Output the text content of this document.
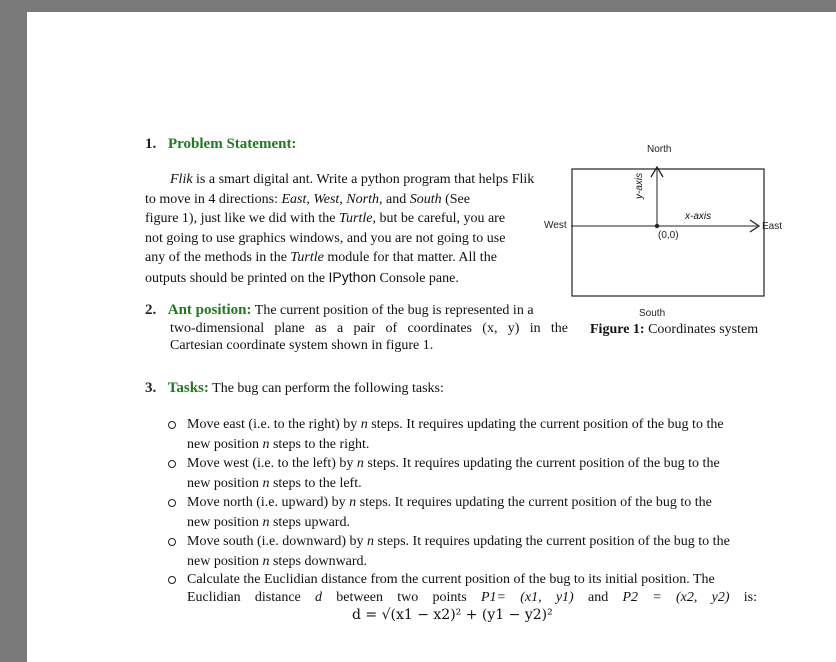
1. Problem Statement:
Flik is a smart digital ant. Write a python program that helps Flik
to move in 4 directions: East, West, North, and South (See
figure 1), just like we did with the Turtle, but be careful, you are
not going to use graphics windows, and you are not going to use
any of the methods in the Turtle module for that matter. All the
outputs should be printed on the IPython Console pane.
North
West	East
South
x-axis
y-axis
(0,0)
Figure 1: Coordinates system
2. Ant position: The current position of the bug is represented in a
two-dimensional plane as a pair of coordinates (x, y) in the
Cartesian coordinate system shown in figure 1.
3. Tasks: The bug can perform the following tasks:
Move east (i.e. to the right) by n steps. It requires updating the current position of the bug to the
new position n steps to the right.
Move west (i.e. to the left) by n steps. It requires updating the current position of the bug to the
new position n steps to the left.
Move north (i.e. upward) by n steps. It requires updating the current position of the bug to the
new position n steps upward.
Move south (i.e. downward) by n steps. It requires updating the current position of the bug to the
new position n steps downward.
Calculate the Euclidian distance from the current position of the bug to its initial position. The
Euclidian distance d between two points P1= (x1, y1) and P2 = (x2, y2) is:
d = √(x1 − x2)² + (y1 − y2)²
